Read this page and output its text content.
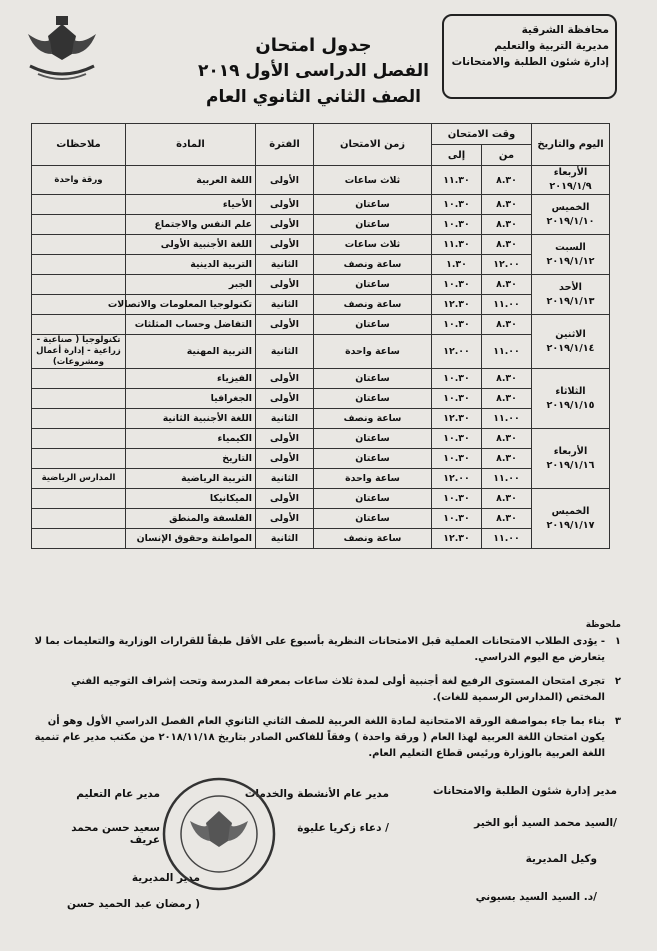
محافظة الشرقية
مديرية التربية والتعليم
إدارة شئون الطلبة والامتحانات
جدول امتحان
الفصل الدراسى الأول ٢٠١٩
الصف الثاني الثانوي العام
اليوم والتاريخ	وقت الامتحان		زمن الامتحان	الفترة	المادة	ملاحظات
	من	إلى				

الأربعاء
٢٠١٩/١/٩	٨.٣٠	١١.٣٠	ثلاث ساعات	الأولى	اللغة العربية	ورقة واحدة

الخميس
٢٠١٩/١/١٠	٨.٣٠	١٠.٣٠	ساعتان	الأولى	الأحياء	
	٨.٣٠	١٠.٣٠	ساعتان	الأولى	علم النفس والاجتماع	

السبت
٢٠١٩/١/١٢	٨.٣٠	١١.٣٠	ثلاث ساعات	الأولى	اللغة الأجنبية الأولى	
	١٢.٠٠	١.٣٠	ساعة ونصف	الثانية	التربية الدينية	

الأحد
٢٠١٩/١/١٣	٨.٣٠	١٠.٣٠	ساعتان	الأولى	الجبر	
	١١.٠٠	١٢.٣٠	ساعة ونصف	الثانية	تكنولوجيا المعلومات والاتصالات	

الاثنين
٢٠١٩/١/١٤	٨.٣٠	١٠.٣٠	ساعتان	الأولى	التفاضل وحساب المثلثات	
	١١.٠٠	١٢.٠٠	ساعة واحدة	الثانية	التربية المهنية	تكنولوجيا ( صناعية - زراعية - إدارة أعمال ومشروعات)

الثلاثاء
٢٠١٩/١/١٥	٨.٣٠	١٠.٣٠	ساعتان	الأولى	الفيزياء	
	٨.٣٠	١٠.٣٠	ساعتان	الأولى	الجغرافيا	
	١١.٠٠	١٢.٣٠	ساعة ونصف	الثانية	اللغة الأجنبية الثانية	

الأربعاء
٢٠١٩/١/١٦	٨.٣٠	١٠.٣٠	ساعتان	الأولى	الكيمياء	
	٨.٣٠	١٠.٣٠	ساعتان	الأولى	التاريخ	
	١١.٠٠	١٢.٠٠	ساعة واحدة	الثانية	التربية الرياضية	المدارس الرياضية

الخميس
٢٠١٩/١/١٧	٨.٣٠	١٠.٣٠	ساعتان	الأولى	الميكانيكا	
	٨.٣٠	١٠.٣٠	ساعتان	الأولى	الفلسفة والمنطق	
	١١.٠٠	١٢.٣٠	ساعة ونصف	الثانية	المواطنة وحقوق الإنسان	
ملحوظة
١
- يؤدى الطلاب الامتحانات العملية قبل الامتحانات النظرية بأسبوع على الأقل طبقاً للقرارات الوزارية والتعليمات بما لا يتعارض مع اليوم الدراسي.
٢
تجرى امتحان المستوى الرفيع لغة أجنبية أولى لمدة ثلاث ساعات بمعرفة المدرسة وتحت إشراف التوجيه الفني المختص (المدارس الرسمية للغات).
٣
بناء بما جاء بمواصفة الورقة الامتحانية لمادة اللغة العربية للصف الثاني الثانوي العام الفصل الدراسي الأول وهو أن يكون امتحان اللغة العربية لهذا العام ( ورقة واحدة ) وفقاً للفاكس الصادر بتاريخ ٢٠١٨/١١/١٨ من مكتب مدير عام تنمية اللغة العربية بالوزارة ورئيس قطاع التعليم العام.
مدير إدارة شئون الطلبة والامتحانات
/السيد محمد السيد أبو الخير
مدير عام الأنشطة والخدمات
/ دعاء زكريا عليوة
مدير عام التعليم
سعيد حسن محمد عريف
وكيل المديرية
/د. السيد السيد بسيوني
مدير المديرية
( رمضان عبد الحميد حسن
